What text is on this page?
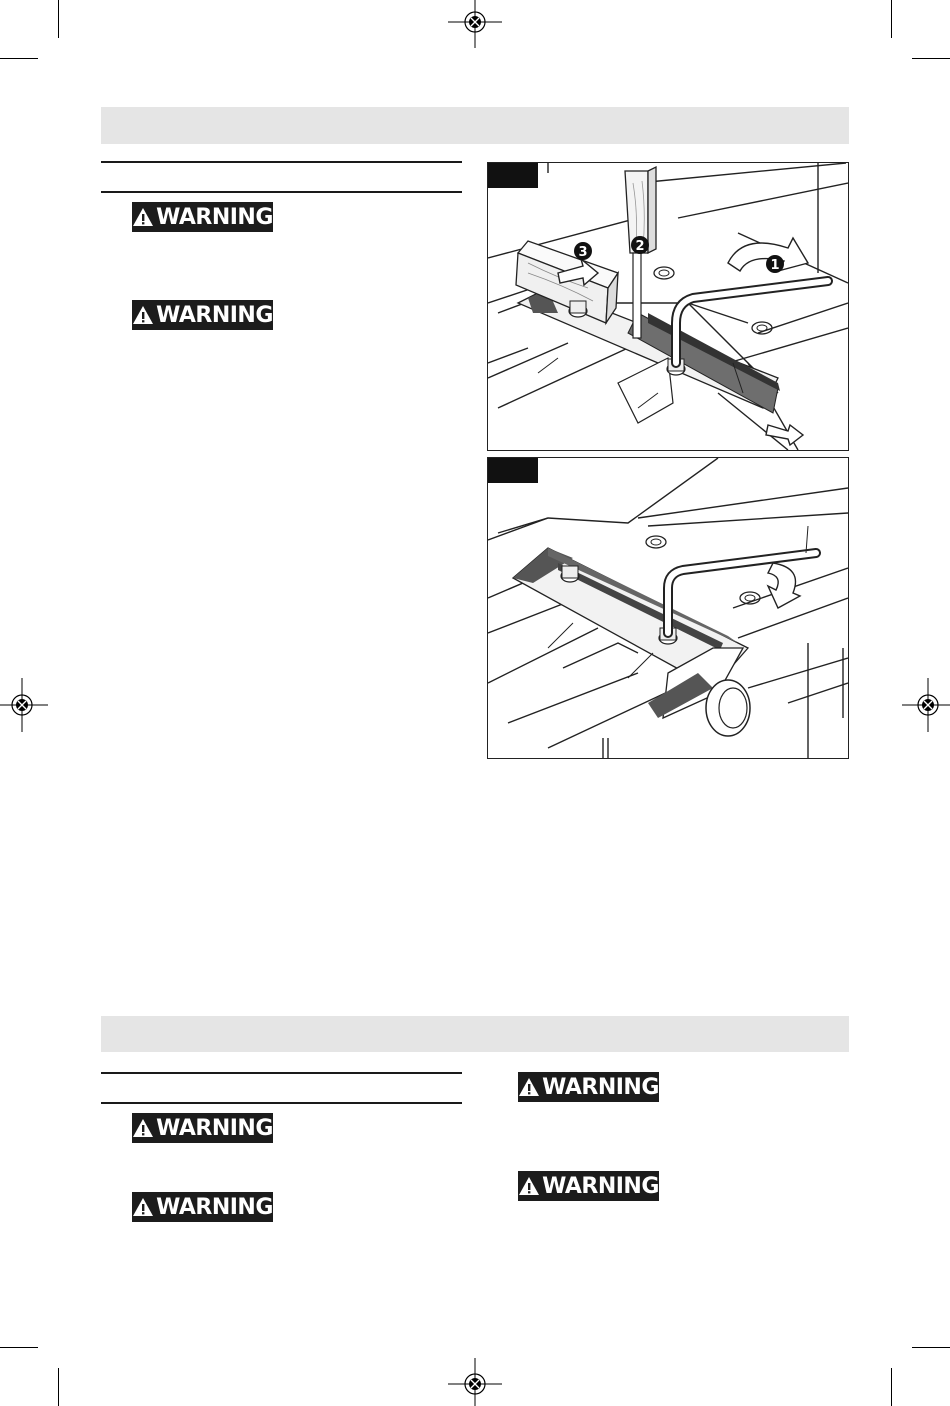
WARNING
WARNING
WARNING
WARNING
WARNING
WARNING
3	2
1
